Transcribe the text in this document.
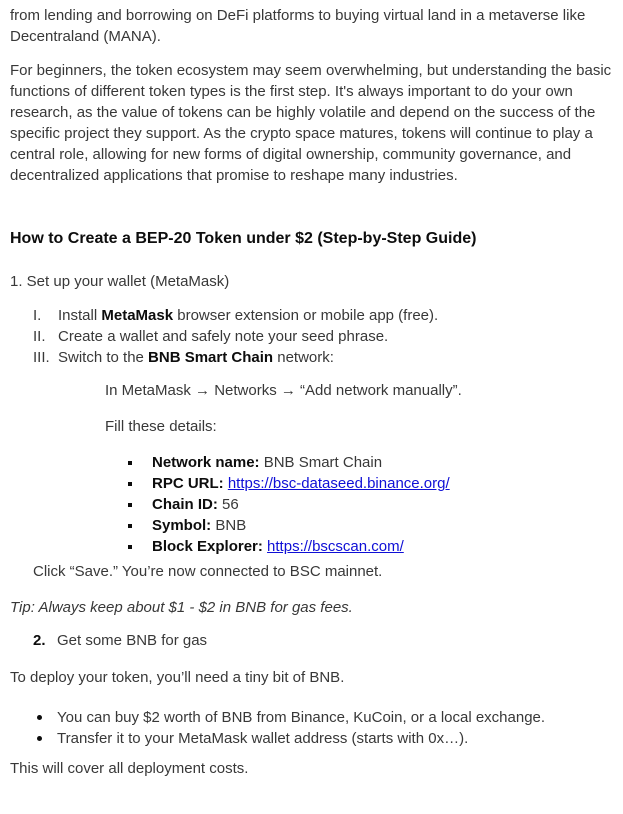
from lending and borrowing on DeFi platforms to buying virtual land in a metaverse like Decentraland (MANA).

For beginners, the token ecosystem may seem overwhelming, but understanding the basic functions of different token types is the first step. It's always important to do your own research, as the value of tokens can be highly volatile and depend on the success of the specific project they support. As the crypto space matures, tokens will continue to play a central role, allowing for new forms of digital ownership, community governance, and decentralized applications that promise to reshape many industries.

How to Create a BEP-20 Token under $2 (Step-by-Step Guide)

1. Set up your wallet (MetaMask)

I. Install MetaMask browser extension or mobile app (free).
II. Create a wallet and safely note your seed phrase.
III. Switch to the BNB Smart Chain network:

In MetaMask → Networks → “Add network manually”.

Fill these details:

Network name: BNB Smart Chain
RPC URL: https://bsc-dataseed.binance.org/
Chain ID: 56
Symbol: BNB
Block Explorer: https://bscscan.com/

Click “Save.” You’re now connected to BSC mainnet.

Tip: Always keep about $1 - $2 in BNB for gas fees.

2. Get some BNB for gas

To deploy your token, you’ll need a tiny bit of BNB.

You can buy $2 worth of BNB from Binance, KuCoin, or a local exchange.
Transfer it to your MetaMask wallet address (starts with 0x…).

This will cover all deployment costs.
